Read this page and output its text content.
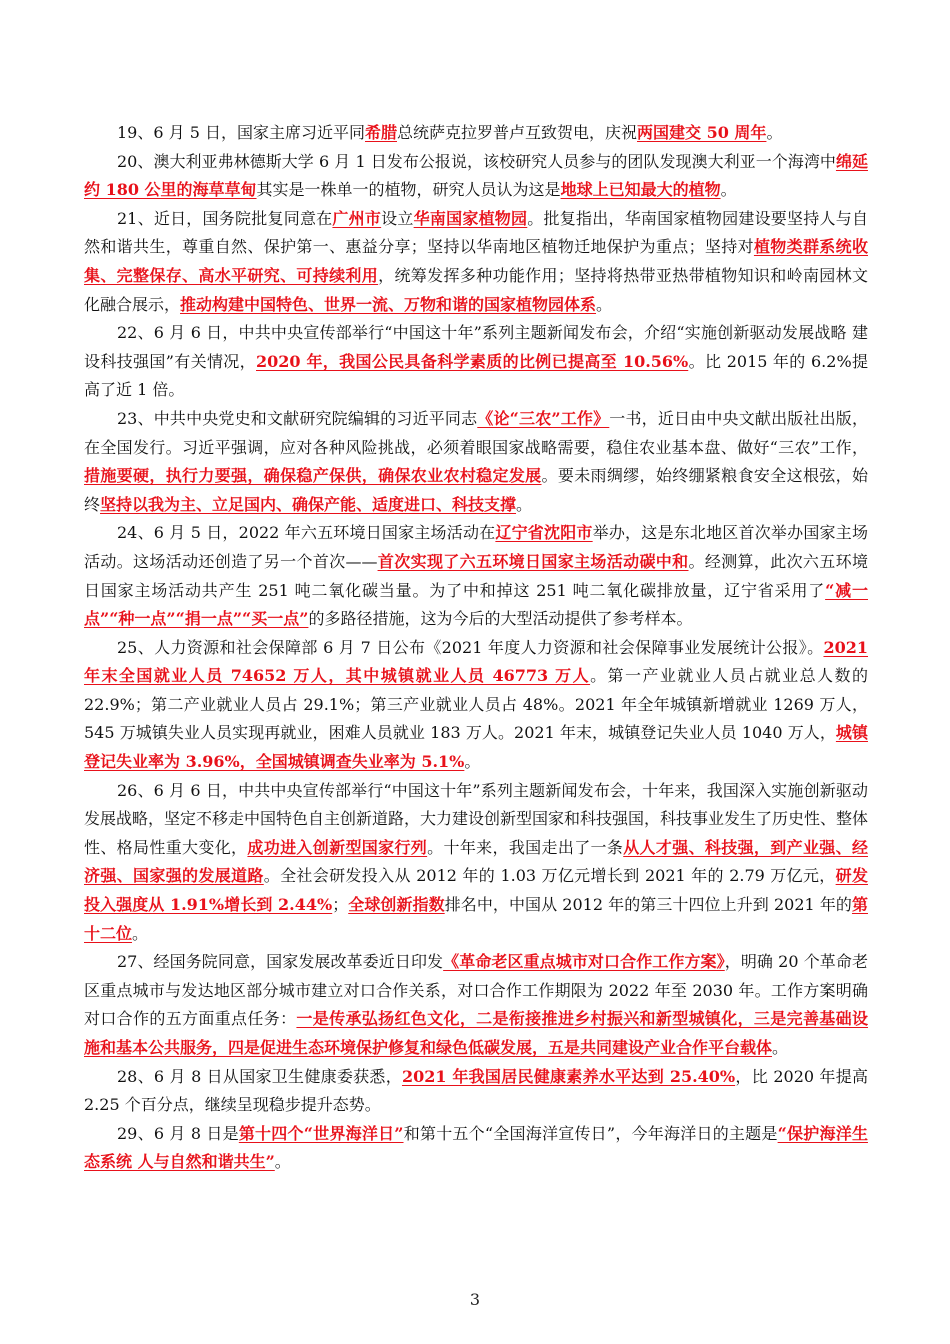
19、6 月 5 日，国家主席习近平同希腊总统萨克拉罗普卢互致贺电，庆祝两国建交 50 周年。

20、澳大利亚弗林德斯大学 6 月 1 日发布公报说，该校研究人员参与的团队发现澳大利亚一个海湾中绵延约 180 公里的海草草甸其实是一株单一的植物，研究人员认为这是地球上已知最大的植物。

21、近日，国务院批复同意在广州市设立华南国家植物园。批复指出，华南国家植物园建设要坚持人与自然和谐共生，尊重自然、保护第一、惠益分享；坚持以华南地区植物迁地保护为重点；坚持对植物类群系统收集、完整保存、高水平研究、可持续利用，统筹发挥多种功能作用；坚持将热带亚热带植物知识和岭南园林文化融合展示，推动构建中国特色、世界一流、万物和谐的国家植物园体系。

22、6 月 6 日，中共中央宣传部举行“中国这十年”系列主题新闻发布会，介绍“实施创新驱动发展战略 建设科技强国”有关情况，2020 年，我国公民具备科学素质的比例已提高至 10.56%。比 2015 年的 6.2%提高了近 1 倍。

23、中共中央党史和文献研究院编辑的习近平同志《论“三农”工作》一书，近日由中央文献出版社出版，在全国发行。习近平强调，应对各种风险挑战，必须着眼国家战略需要，稳住农业基本盘、做好“三农”工作，措施要硬，执行力要强，确保稳产保供，确保农业农村稳定发展。要未雨绸缪，始终绷紧粮食安全这根弦，始终坚持以我为主、立足国内、确保产能、适度进口、科技支撑。

24、6 月 5 日，2022 年六五环境日国家主场活动在辽宁省沈阳市举办，这是东北地区首次举办国家主场活动。这场活动还创造了另一个首次——首次实现了六五环境日国家主场活动碳中和。经测算，此次六五环境日国家主场活动共产生 251 吨二氧化碳当量。为了中和掉这 251 吨二氧化碳排放量，辽宁省采用了“减一点”“种一点”“捐一点”“买一点”的多路径措施，这为今后的大型活动提供了参考样本。

25、人力资源和社会保障部 6 月 7 日公布《2021 年度人力资源和社会保障事业发展统计公报》。2021 年末全国就业人员 74652 万人，其中城镇就业人员 46773 万人。第一产业就业人员占就业总人数的 22.9%；第二产业就业人员占 29.1%；第三产业就业人员占 48%。2021 年全年城镇新增就业 1269 万人，545 万城镇失业人员实现再就业，困难人员就业 183 万人。2021 年末，城镇登记失业人员 1040 万人，城镇登记失业率为 3.96%，全国城镇调查失业率为 5.1%。

26、6 月 6 日，中共中央宣传部举行“中国这十年”系列主题新闻发布会，十年来，我国深入实施创新驱动发展战略，坚定不移走中国特色自主创新道路，大力建设创新型国家和科技强国，科技事业发生了历史性、整体性、格局性重大变化，成功进入创新型国家行列。十年来，我国走出了一条从人才强、科技强，到产业强、经济强、国家强的发展道路。全社会研发投入从 2012 年的 1.03 万亿元增长到 2021 年的 2.79 万亿元，研发投入强度从 1.91%增长到 2.44%；全球创新指数排名中，中国从 2012 年的第三十四位上升到 2021 年的第十二位。

27、经国务院同意，国家发展改革委近日印发《革命老区重点城市对口合作工作方案》，明确 20 个革命老区重点城市与发达地区部分城市建立对口合作关系，对口合作工作期限为 2022 年至 2030 年。工作方案明确对口合作的五方面重点任务：一是传承弘扬红色文化，二是衔接推进乡村振兴和新型城镇化，三是完善基础设施和基本公共服务，四是促进生态环境保护修复和绿色低碳发展，五是共同建设产业合作平台载体。

28、6 月 8 日从国家卫生健康委获悉，2021 年我国居民健康素养水平达到 25.40%，比 2020 年提高 2.25 个百分点，继续呈现稳步提升态势。

29、6 月 8 日是第十四个“世界海洋日”和第十五个“全国海洋宣传日”，今年海洋日的主题是“保护海洋生态系统 人与自然和谐共生”。

3
